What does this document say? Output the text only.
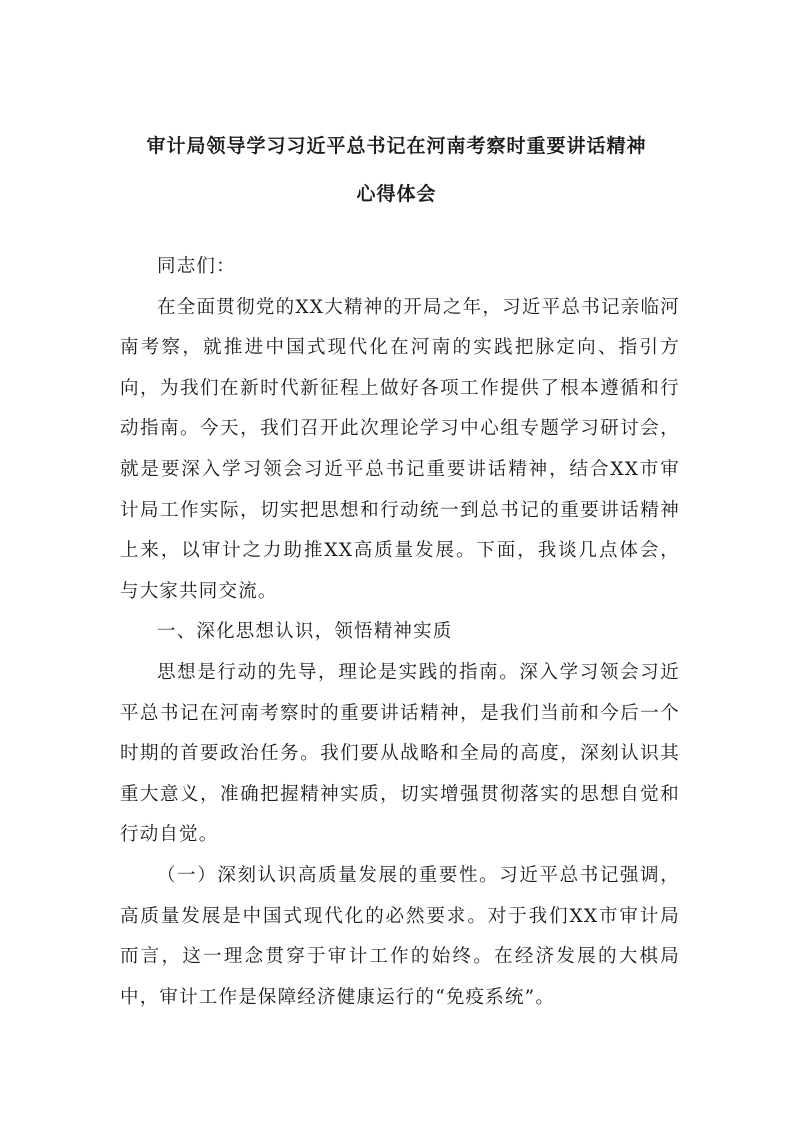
审计局领导学习习近平总书记在河南考察时重要讲话精神
心得体会

同志们：

在全面贯彻党的XX大精神的开局之年，习近平总书记亲临河南考察，就推进中国式现代化在河南的实践把脉定向、指引方向，为我们在新时代新征程上做好各项工作提供了根本遵循和行动指南。今天，我们召开此次理论学习中心组专题学习研讨会，就是要深入学习领会习近平总书记重要讲话精神，结合XX市审计局工作实际，切实把思想和行动统一到总书记的重要讲话精神上来，以审计之力助推XX高质量发展。下面，我谈几点体会，与大家共同交流。

一、深化思想认识，领悟精神实质

思想是行动的先导，理论是实践的指南。深入学习领会习近平总书记在河南考察时的重要讲话精神，是我们当前和今后一个时期的首要政治任务。我们要从战略和全局的高度，深刻认识其重大意义，准确把握精神实质，切实增强贯彻落实的思想自觉和行动自觉。

（一）深刻认识高质量发展的重要性。习近平总书记强调，高质量发展是中国式现代化的必然要求。对于我们XX市审计局而言，这一理念贯穿于审计工作的始终。在经济发展的大棋局中，审计工作是保障经济健康运行的“免疫系统”。
